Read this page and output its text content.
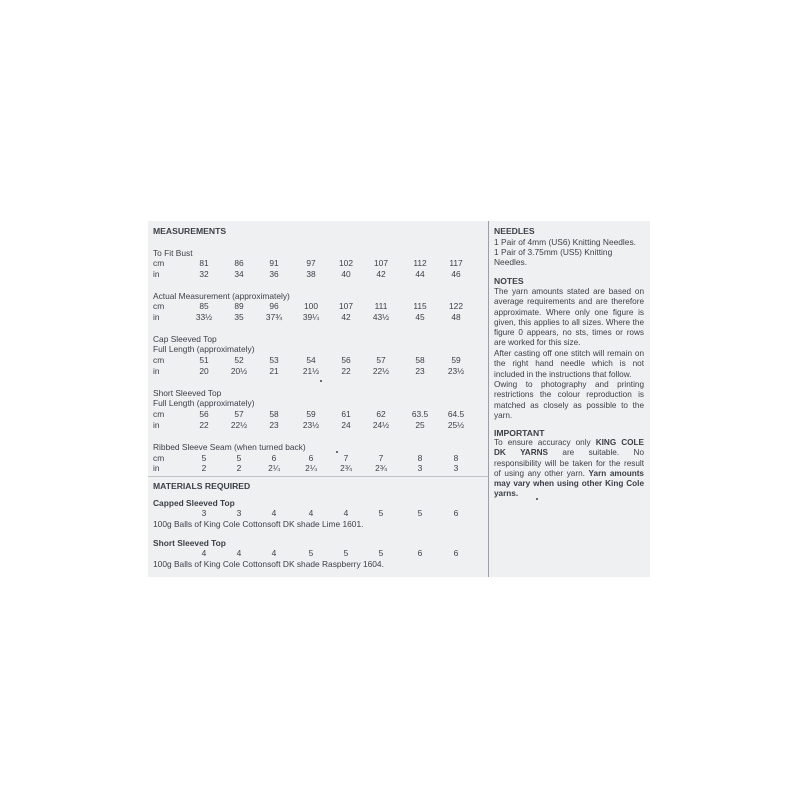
MEASUREMENTS
To Fit Bust
cm	81	86	91	97	102	107	112	117
in	32	34	36	38	40	42	44	46
Actual Measurement (approximately)
cm	85	89	96	100	107	111	115	122
in	33½	35	37¾	39¼	42	43½	45	48
Cap Sleeved Top
Full Length (approximately)
cm	51	52	53	54	56	57	58	59
in	20	20½	21	21½	22	22½	23	23½
Short Sleeved Top
Full Length (approximately)
cm	56	57	58	59	61	62	63.5	64.5
in	22	22½	23	23½	24	24½	25	25½
Ribbed Sleeve Seam (when turned back)
cm	5	5	6	6	7	7	8	8
in	2	2	2¼	2¼	2¾	2¾	3	3
MATERIALS REQUIRED
Capped Sleeved Top
3	3	4	4	4	5	5	6
100g Balls of King Cole Cottonsoft DK shade Lime 1601.
Short Sleeved Top
4	4	4	5	5	5	6	6
100g Balls of King Cole Cottonsoft DK shade Raspberry 1604.
NEEDLES
1 Pair of 4mm (US6) Knitting Needles.
1 Pair of 3.75mm (US5) Knitting
Needles.
NOTES
The yarn amounts stated are based on average requirements and are therefore approximate. Where only one figure is given, this applies to all sizes. Where the figure 0 appears, no sts, times or rows are worked for this size.
After casting off one stitch will remain on the right hand needle which is not included in the instructions that follow.
Owing to photography and printing restrictions the colour reproduction is matched as closely as possible to the yarn.
IMPORTANT
To ensure accuracy only KING COLE DK YARNS are suitable. No responsibility will be taken for the result of using any other yarn. Yarn amounts may vary when using other King Cole yarns.
